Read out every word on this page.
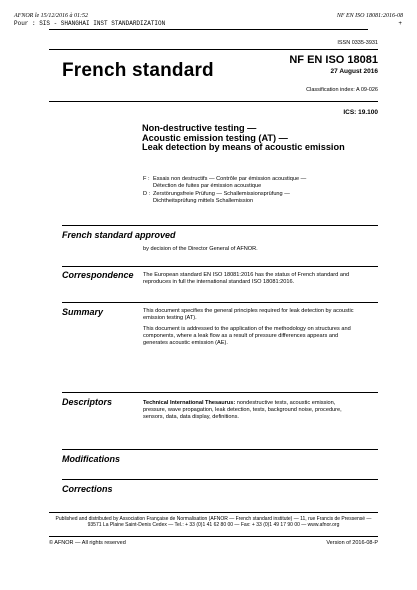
AFNOR le 15/12/2016 à 01:52
Pour : SIS - SHANGHAI INST STANDARDIZATION
NF EN ISO 18081:2016-08
+
ISSN 0335-3931
French standard	NF EN ISO 18081
27 August 2016
Classification index: A 09-026
ICS: 19.100
Non-destructive testing —
Acoustic emission testing (AT) —
Leak detection by means of acoustic emission
F : Essais non destructifs — Contrôle par émission acoustique —
Détection de fuites par émission acoustique
D : Zerstörungsfreie Prüfung — Schallemissionsprüfung —
Dichtheitsprüfung mittels Schallemission
French standard approved
by decision of the Director General of AFNOR.
Correspondence The European standard EN ISO 18081:2016 has the status of French standard and
reproduces in full the international standard ISO 18081:2016.
Summary	This document specifies the general principles required for leak detection by acoustic
emission testing (AT).
This document is addressed to the application of the methodology on structures and
components, where a leak flow as a result of pressure differences appears and
generates acoustic emission (AE).
Descriptors	Technical International Thesaurus: nondestructive tests, acoustic emission,
pressure, wave propagation, leak detection, tests, background noise, procedure,
sensors, data, data display, definitions.
Modifications
Corrections
Published and distributed by Association Française de Normalisation (AFNOR — French standard institute) — 11, rue Francis de Pressensé —
93571 La Plaine Saint-Denis Cedex — Tel.: + 33 (0)1 41 62 80 00 — Fax: + 33 (0)1 49 17 90 00 — www.afnor.org
© AFNOR — All rights reserved	Version of 2016-08-P
